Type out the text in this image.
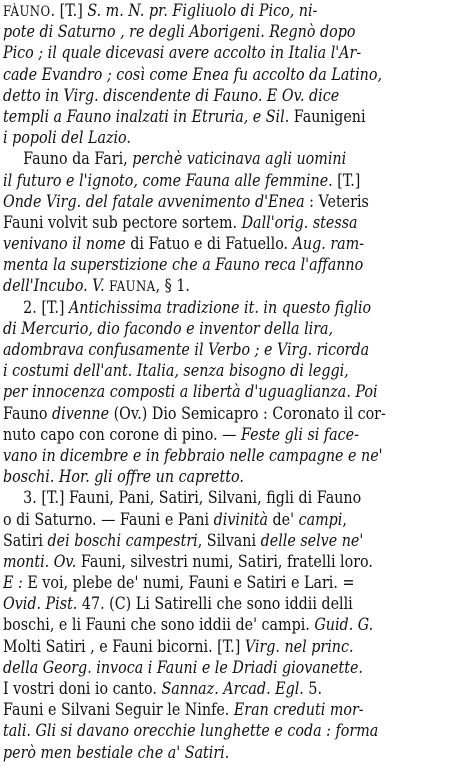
FÀUNO. [T.] S. m. N. pr. Figliuolo di Pico, ni-
pote di Saturno , re degli Aborigeni. Regnò dopo
Pico ; il quale dicevasi avere accolto in Italia l'Ar-
cade Evandro ; così come Enea fu accolto da Latino,
detto in Virg. discendente di Fauno. E Ov. dice
templi a Fauno inalzati in Etruria, e Sil. Faunigeni
i popoli del Lazio.
Fauno da Fari, perchè vaticinava agli uomini
il futuro e l'ignoto, come Fauna alle femmine. [T.]
Onde Virg. del fatale avvenimento d'Enea : Veteris
Fauni volvit sub pectore sortem. Dall'orig. stessa
venivano il nome di Fatuo e di Fatuello. Aug. ram-
menta la superstizione che a Fauno reca l'affanno
dell'Incubo. V. FAUNA, § 1.
2. [T.] Antichissima tradizione it. in questo figlio
di Mercurio, dio facondo e inventor della lira,
adombrava confusamente il Verbo ; e Virg. ricorda
i costumi dell'ant. Italia, senza bisogno di leggi,
per innocenza composti a libertà d'uguaglianza. Poi
Fauno divenne (Ov.) Dio Semicapro : Coronato il cor-
nuto capo con corone di pino. — Feste gli si face-
vano in dicembre e in febbraio nelle campagne e ne'
boschi. Hor. gli offre un capretto.
3. [T.] Fauni, Pani, Satiri, Silvani, figli di Fauno
o di Saturno. — Fauni e Pani divinità de' campi,
Satiri dei boschi campestri, Silvani delle selve ne'
monti. Ov. Fauni, silvestri numi, Satiri, fratelli loro.
E : E voi, plebe de' numi, Fauni e Satiri e Lari. =
Ovid. Pist. 47. (C) Li Satirelli che sono iddii delli
boschi, e li Fauni che sono iddii de' campi. Guid. G.
Molti Satiri , e Fauni bicorni. [T.] Virg. nel princ.
della Georg. invoca i Fauni e le Driadi giovanette.
I vostri doni io canto. Sannaz. Arcad. Egl. 5.
Fauni e Silvani Seguir le Ninfe. Eran creduti mor-
tali. Gli si davano orecchie lunghette e coda : forma
però men bestiale che a' Satiri.
